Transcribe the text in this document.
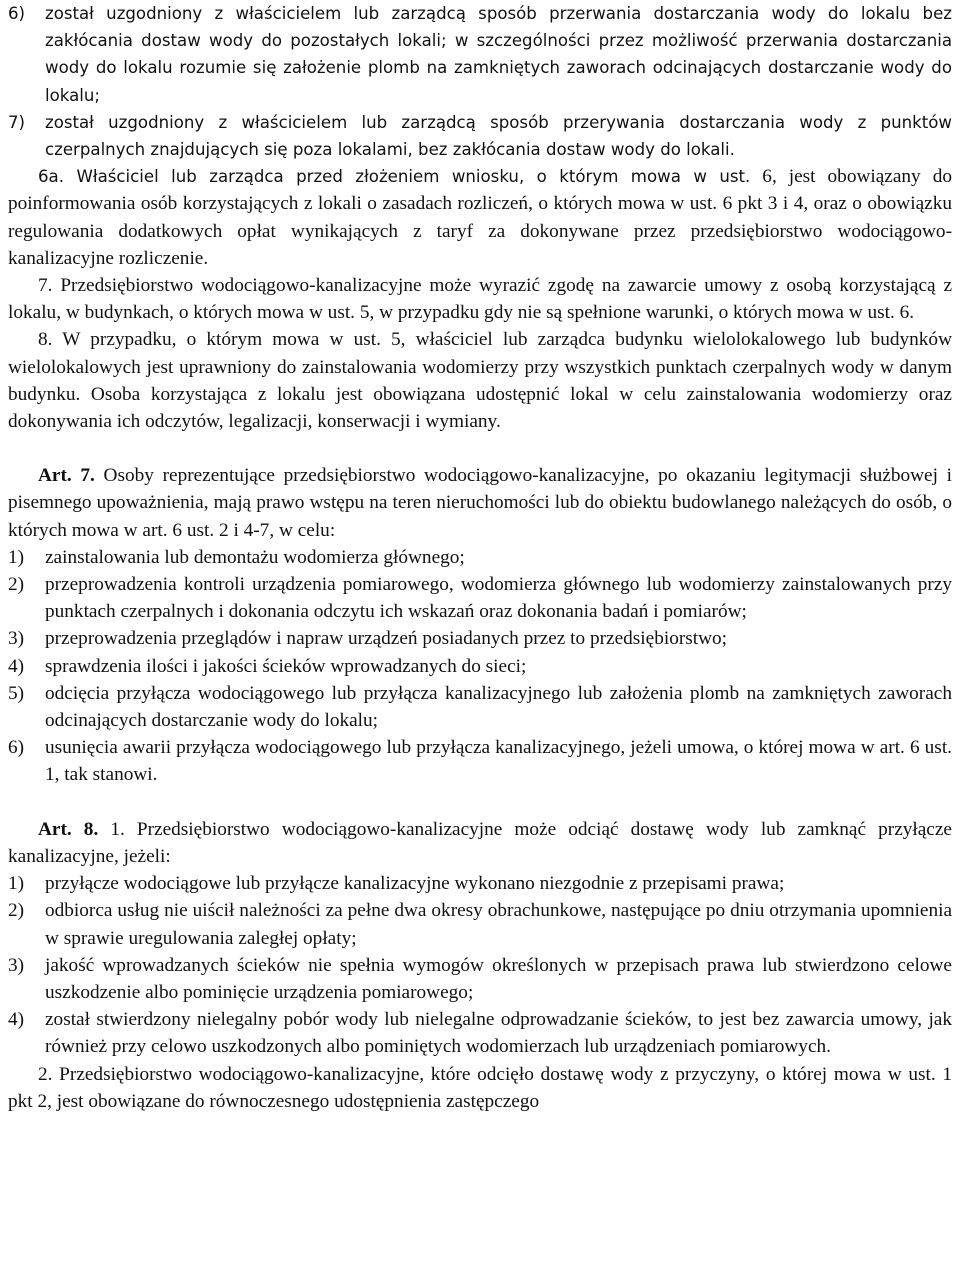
6) został uzgodniony z właścicielem lub zarządcą sposób przerwania dostarczania wody do lokalu bez zakłócania dostaw wody do pozostałych lokali; w szczególności przez możliwość przerwania dostarczania wody do lokalu rozumie się założenie plomb na zamkniętych zaworach odcinających dostarczanie wody do lokalu;
7) został uzgodniony z właścicielem lub zarządcą sposób przerywania dostarczania wody z punktów czerpalnych znajdujących się poza lokalami, bez zakłócania dostaw wody do lokali.

6a. Właściciel lub zarządca przed złożeniem wniosku, o którym mowa w ust. 6, jest obowiązany do poinformowania osób korzystających z lokali o zasadach rozliczeń, o których mowa w ust. 6 pkt 3 i 4, oraz o obowiązku regulowania dodatkowych opłat wynikających z taryf za dokonywane przez przedsiębiorstwo wodociągowo-kanalizacyjne rozliczenie.

7. Przedsiębiorstwo wodociągowo-kanalizacyjne może wyrazić zgodę na zawarcie umowy z osobą korzystającą z lokalu, w budynkach, o których mowa w ust. 5, w przypadku gdy nie są spełnione warunki, o których mowa w ust. 6.

8. W przypadku, o którym mowa w ust. 5, właściciel lub zarządca budynku wielolokalowego lub budynków wielolokalowych jest uprawniony do zainstalowania wodomierzy przy wszystkich punktach czerpalnych wody w danym budynku. Osoba korzystająca z lokalu jest obowiązana udostępnić lokal w celu zainstalowania wodomierzy oraz dokonywania ich odczytów, legalizacji, konserwacji i wymiany.

Art. 7. Osoby reprezentujące przedsiębiorstwo wodociągowo-kanalizacyjne, po okazaniu legitymacji służbowej i pisemnego upoważnienia, mają prawo wstępu na teren nieruchomości lub do obiektu budowlanego należących do osób, o których mowa w art. 6 ust. 2 i 4-7, w celu:

1) zainstalowania lub demontażu wodomierza głównego;
2) przeprowadzenia kontroli urządzenia pomiarowego, wodomierza głównego lub wodomierzy zainstalowanych przy punktach czerpalnych i dokonania odczytu ich wskazań oraz dokonania badań i pomiarów;
3) przeprowadzenia przeglądów i napraw urządzeń posiadanych przez to przedsiębiorstwo;
4) sprawdzenia ilości i jakości ścieków wprowadzanych do sieci;
5) odcięcia przyłącza wodociągowego lub przyłącza kanalizacyjnego lub założenia plomb na zamkniętych zaworach odcinających dostarczanie wody do lokalu;
6) usunięcia awarii przyłącza wodociągowego lub przyłącza kanalizacyjnego, jeżeli umowa, o której mowa w art. 6 ust. 1, tak stanowi.

Art. 8. 1. Przedsiębiorstwo wodociągowo-kanalizacyjne może odciąć dostawę wody lub zamknąć przyłącze kanalizacyjne, jeżeli:

1) przyłącze wodociągowe lub przyłącze kanalizacyjne wykonano niezgodnie z przepisami prawa;
2) odbiorca usług nie uiścił należności za pełne dwa okresy obrachunkowe, następujące po dniu otrzymania upomnienia w sprawie uregulowania zaległej opłaty;
3) jakość wprowadzanych ścieków nie spełnia wymogów określonych w przepisach prawa lub stwierdzono celowe uszkodzenie albo pominięcie urządzenia pomiarowego;
4) został stwierdzony nielegalny pobór wody lub nielegalne odprowadzanie ścieków, to jest bez zawarcia umowy, jak również przy celowo uszkodzonych albo pominiętych wodomierzach lub urządzeniach pomiarowych.

2. Przedsiębiorstwo wodociągowo-kanalizacyjne, które odcięło dostawę wody z przyczyny, o której mowa w ust. 1 pkt 2, jest obowiązane do równoczesnego udostępnienia zastępczego
